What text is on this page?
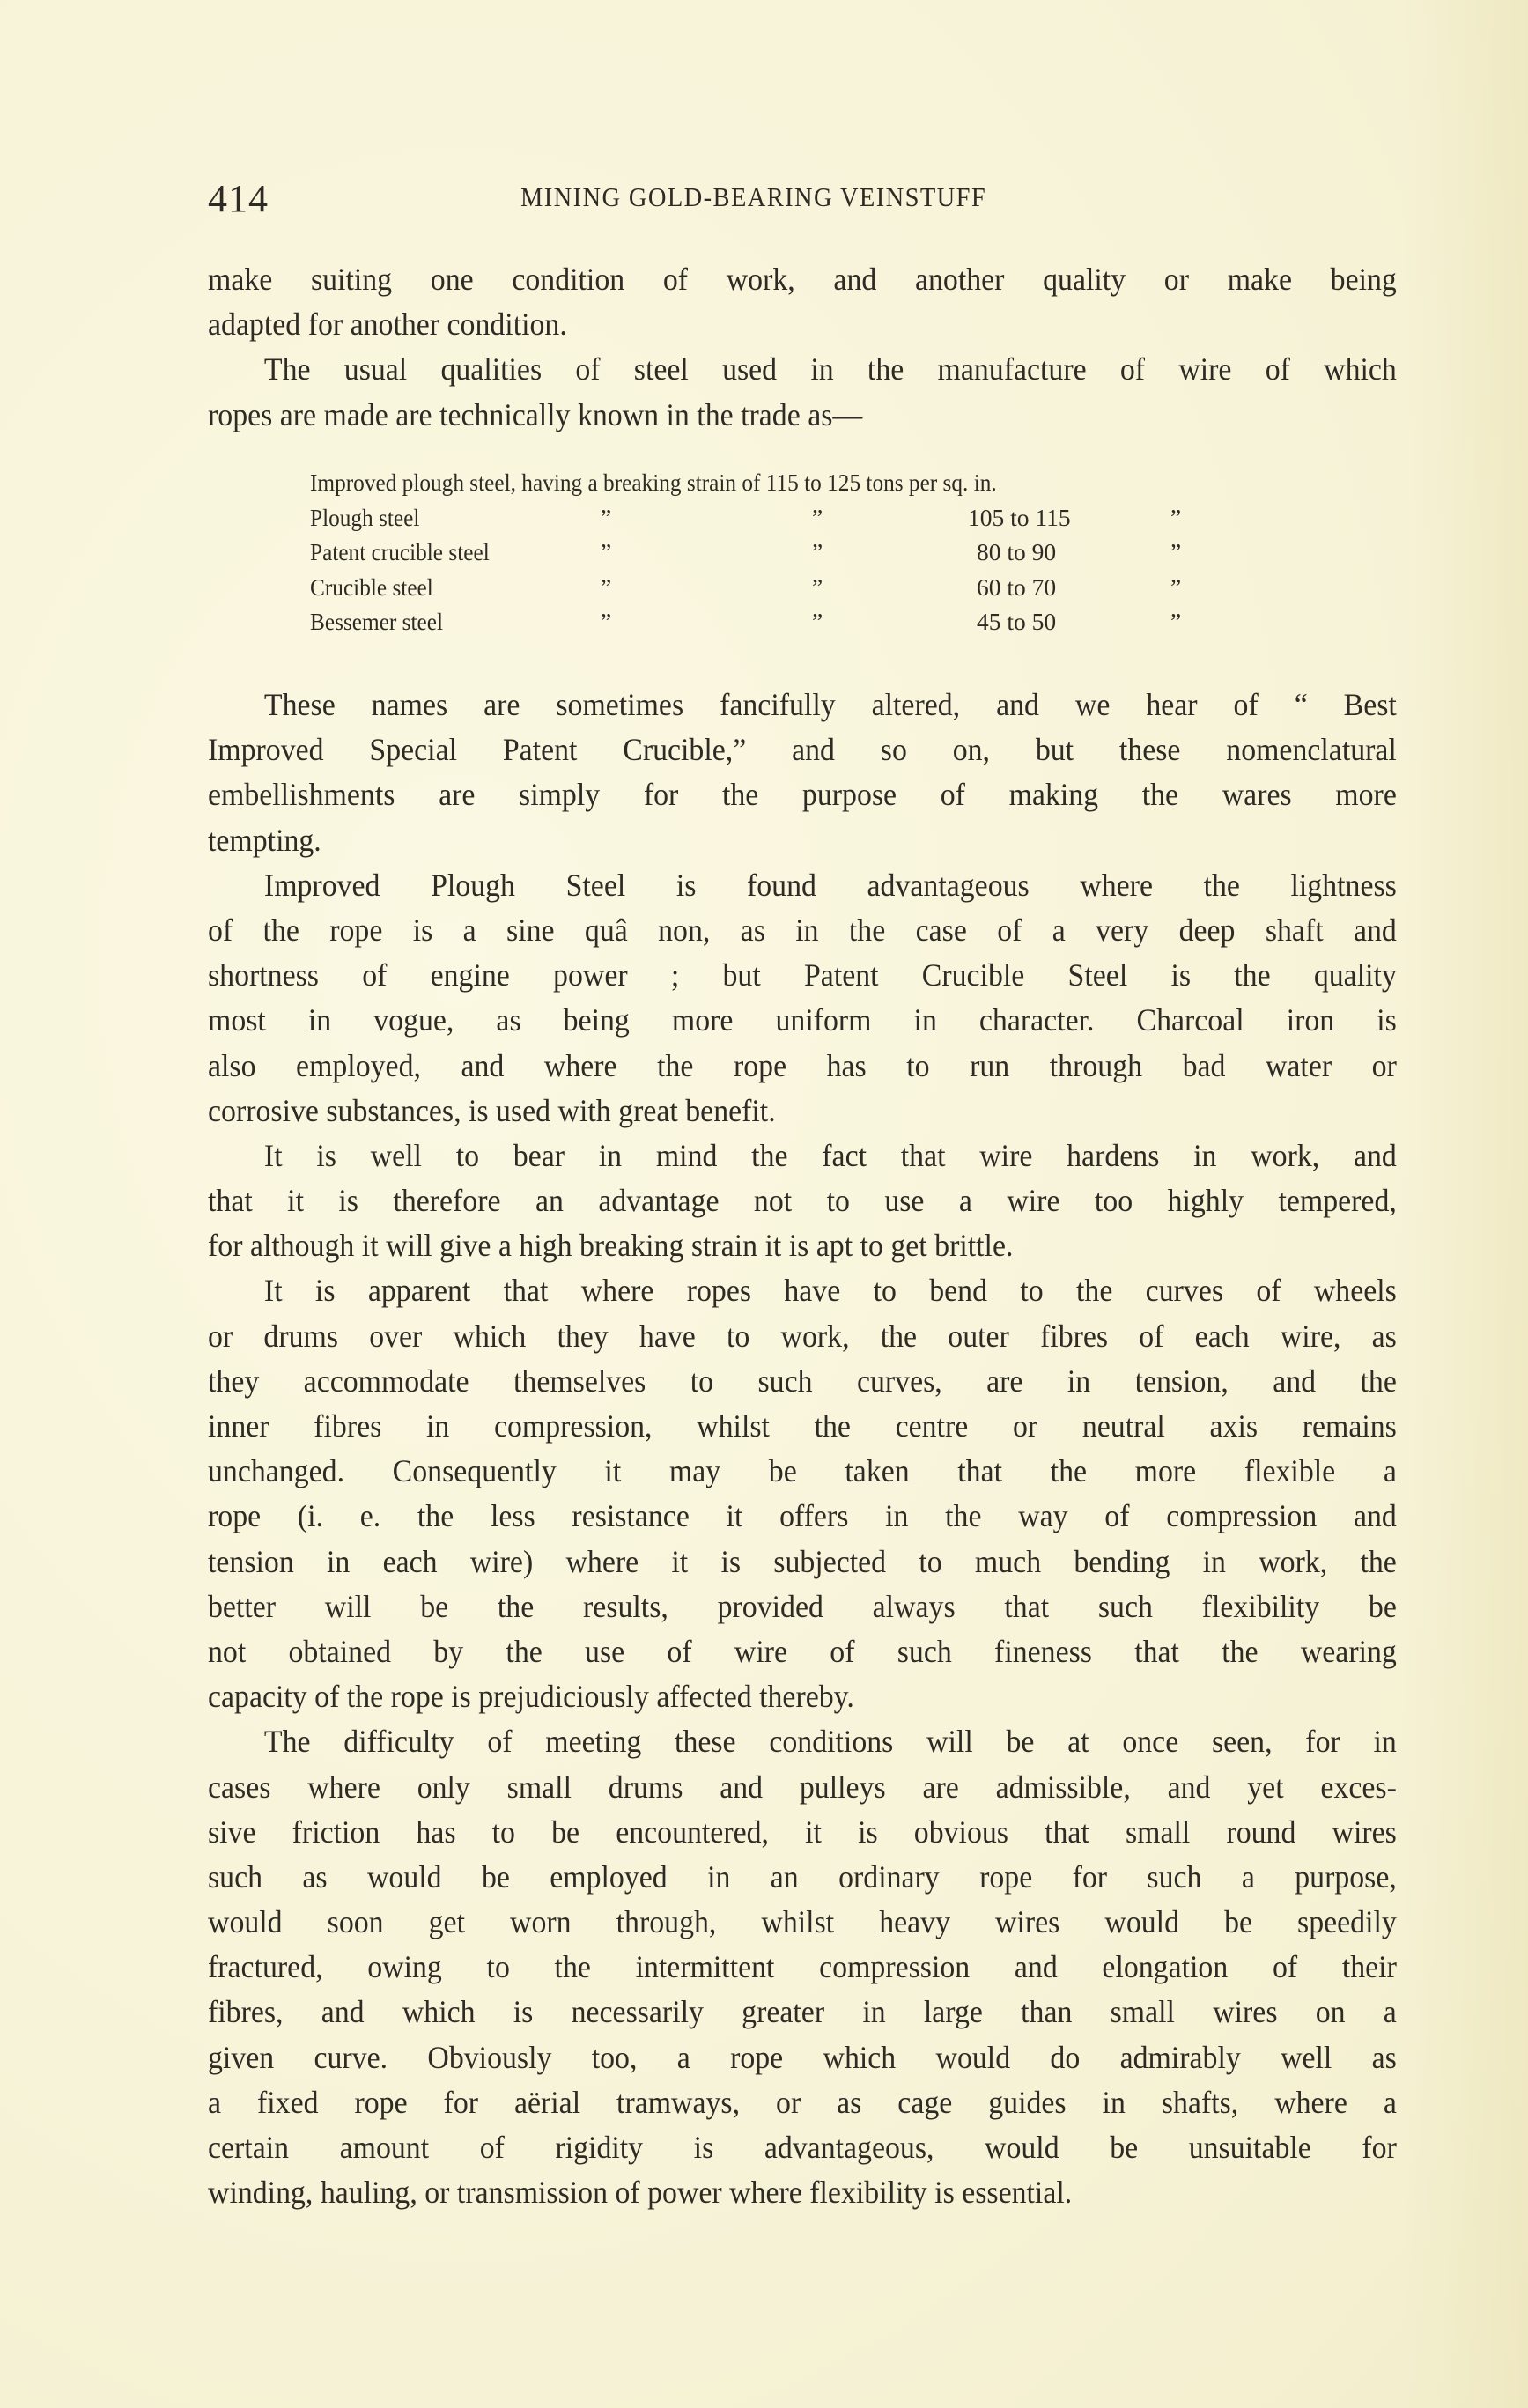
414	MINING GOLD-BEARING VEINSTUFF
make suiting one condition of work, and another quality or make being
adapted for another condition.
The usual qualities of steel used in the manufacture of wire of which
ropes are made are technically known in the trade as—
Improved plough steel, having a breaking strain of 115 to 125 tons per sq. in.
Plough steel	”	”	105 to 115	”
Patent crucible steel	”	”	80 to 90	”
Crucible steel	”	”	60 to 70	”
Bessemer steel	”	”	45 to 50	”
These names are sometimes fancifully altered, and we hear of “ Best
Improved Special Patent Crucible,” and so on, but these nomenclatural
embellishments are simply for the purpose of making the wares more
tempting.
Improved Plough Steel is found advantageous where the lightness
of the rope is a sine quâ non, as in the case of a very deep shaft and
shortness of engine power ; but Patent Crucible Steel is the quality
most in vogue, as being more uniform in character. Charcoal iron is
also employed, and where the rope has to run through bad water or
corrosive substances, is used with great benefit.
It is well to bear in mind the fact that wire hardens in work, and
that it is therefore an advantage not to use a wire too highly tempered,
for although it will give a high breaking strain it is apt to get brittle.
It is apparent that where ropes have to bend to the curves of wheels
or drums over which they have to work, the outer fibres of each wire, as
they accommodate themselves to such curves, are in tension, and the
inner fibres in compression, whilst the centre or neutral axis remains
unchanged. Consequently it may be taken that the more flexible a
rope (i. e. the less resistance it offers in the way of compression and
tension in each wire) where it is subjected to much bending in work, the
better will be the results, provided always that such flexibility be
not obtained by the use of wire of such fineness that the wearing
capacity of the rope is prejudiciously affected thereby.
The difficulty of meeting these conditions will be at once seen, for in
cases where only small drums and pulleys are admissible, and yet exces-
sive friction has to be encountered, it is obvious that small round wires
such as would be employed in an ordinary rope for such a purpose,
would soon get worn through, whilst heavy wires would be speedily
fractured, owing to the intermittent compression and elongation of their
fibres, and which is necessarily greater in large than small wires on a
given curve. Obviously too, a rope which would do admirably well as
a fixed rope for aërial tramways, or as cage guides in shafts, where a
certain amount of rigidity is advantageous, would be unsuitable for
winding, hauling, or transmission of power where flexibility is essential.
